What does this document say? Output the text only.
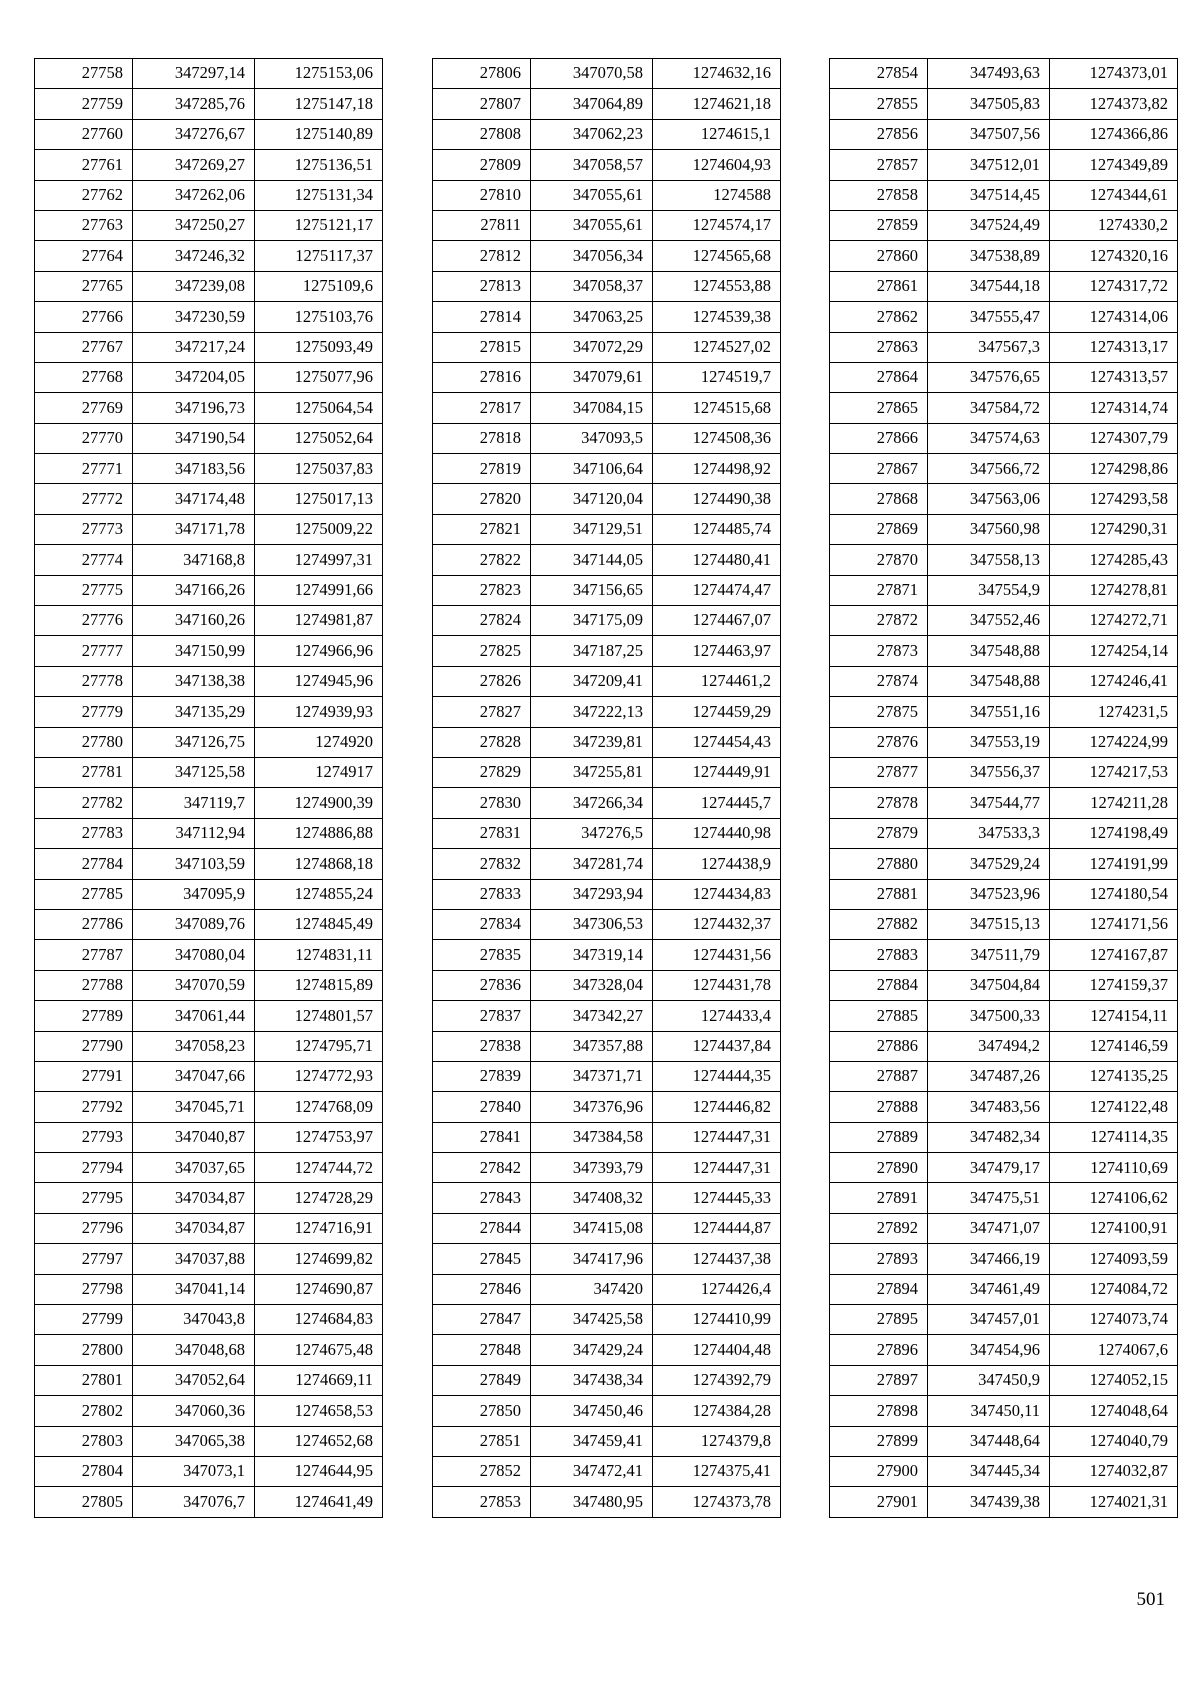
27758	347297,14	1275153,06
27759	347285,76	1275147,18
27760	347276,67	1275140,89
27761	347269,27	1275136,51
27762	347262,06	1275131,34
27763	347250,27	1275121,17
27764	347246,32	1275117,37
27765	347239,08	1275109,6
27766	347230,59	1275103,76
27767	347217,24	1275093,49
27768	347204,05	1275077,96
27769	347196,73	1275064,54
27770	347190,54	1275052,64
27771	347183,56	1275037,83
27772	347174,48	1275017,13
27773	347171,78	1275009,22
27774	347168,8	1274997,31
27775	347166,26	1274991,66
27776	347160,26	1274981,87
27777	347150,99	1274966,96
27778	347138,38	1274945,96
27779	347135,29	1274939,93
27780	347126,75	1274920
27781	347125,58	1274917
27782	347119,7	1274900,39
27783	347112,94	1274886,88
27784	347103,59	1274868,18
27785	347095,9	1274855,24
27786	347089,76	1274845,49
27787	347080,04	1274831,11
27788	347070,59	1274815,89
27789	347061,44	1274801,57
27790	347058,23	1274795,71
27791	347047,66	1274772,93
27792	347045,71	1274768,09
27793	347040,87	1274753,97
27794	347037,65	1274744,72
27795	347034,87	1274728,29
27796	347034,87	1274716,91
27797	347037,88	1274699,82
27798	347041,14	1274690,87
27799	347043,8	1274684,83
27800	347048,68	1274675,48
27801	347052,64	1274669,11
27802	347060,36	1274658,53
27803	347065,38	1274652,68
27804	347073,1	1274644,95
27805	347076,7	1274641,49
27806	347070,58	1274632,16
27807	347064,89	1274621,18
27808	347062,23	1274615,1
27809	347058,57	1274604,93
27810	347055,61	1274588
27811	347055,61	1274574,17
27812	347056,34	1274565,68
27813	347058,37	1274553,88
27814	347063,25	1274539,38
27815	347072,29	1274527,02
27816	347079,61	1274519,7
27817	347084,15	1274515,68
27818	347093,5	1274508,36
27819	347106,64	1274498,92
27820	347120,04	1274490,38
27821	347129,51	1274485,74
27822	347144,05	1274480,41
27823	347156,65	1274474,47
27824	347175,09	1274467,07
27825	347187,25	1274463,97
27826	347209,41	1274461,2
27827	347222,13	1274459,29
27828	347239,81	1274454,43
27829	347255,81	1274449,91
27830	347266,34	1274445,7
27831	347276,5	1274440,98
27832	347281,74	1274438,9
27833	347293,94	1274434,83
27834	347306,53	1274432,37
27835	347319,14	1274431,56
27836	347328,04	1274431,78
27837	347342,27	1274433,4
27838	347357,88	1274437,84
27839	347371,71	1274444,35
27840	347376,96	1274446,82
27841	347384,58	1274447,31
27842	347393,79	1274447,31
27843	347408,32	1274445,33
27844	347415,08	1274444,87
27845	347417,96	1274437,38
27846	347420	1274426,4
27847	347425,58	1274410,99
27848	347429,24	1274404,48
27849	347438,34	1274392,79
27850	347450,46	1274384,28
27851	347459,41	1274379,8
27852	347472,41	1274375,41
27853	347480,95	1274373,78
27854	347493,63	1274373,01
27855	347505,83	1274373,82
27856	347507,56	1274366,86
27857	347512,01	1274349,89
27858	347514,45	1274344,61
27859	347524,49	1274330,2
27860	347538,89	1274320,16
27861	347544,18	1274317,72
27862	347555,47	1274314,06
27863	347567,3	1274313,17
27864	347576,65	1274313,57
27865	347584,72	1274314,74
27866	347574,63	1274307,79
27867	347566,72	1274298,86
27868	347563,06	1274293,58
27869	347560,98	1274290,31
27870	347558,13	1274285,43
27871	347554,9	1274278,81
27872	347552,46	1274272,71
27873	347548,88	1274254,14
27874	347548,88	1274246,41
27875	347551,16	1274231,5
27876	347553,19	1274224,99
27877	347556,37	1274217,53
27878	347544,77	1274211,28
27879	347533,3	1274198,49
27880	347529,24	1274191,99
27881	347523,96	1274180,54
27882	347515,13	1274171,56
27883	347511,79	1274167,87
27884	347504,84	1274159,37
27885	347500,33	1274154,11
27886	347494,2	1274146,59
27887	347487,26	1274135,25
27888	347483,56	1274122,48
27889	347482,34	1274114,35
27890	347479,17	1274110,69
27891	347475,51	1274106,62
27892	347471,07	1274100,91
27893	347466,19	1274093,59
27894	347461,49	1274084,72
27895	347457,01	1274073,74
27896	347454,96	1274067,6
27897	347450,9	1274052,15
27898	347450,11	1274048,64
27899	347448,64	1274040,79
27900	347445,34	1274032,87
27901	347439,38	1274021,31
501
